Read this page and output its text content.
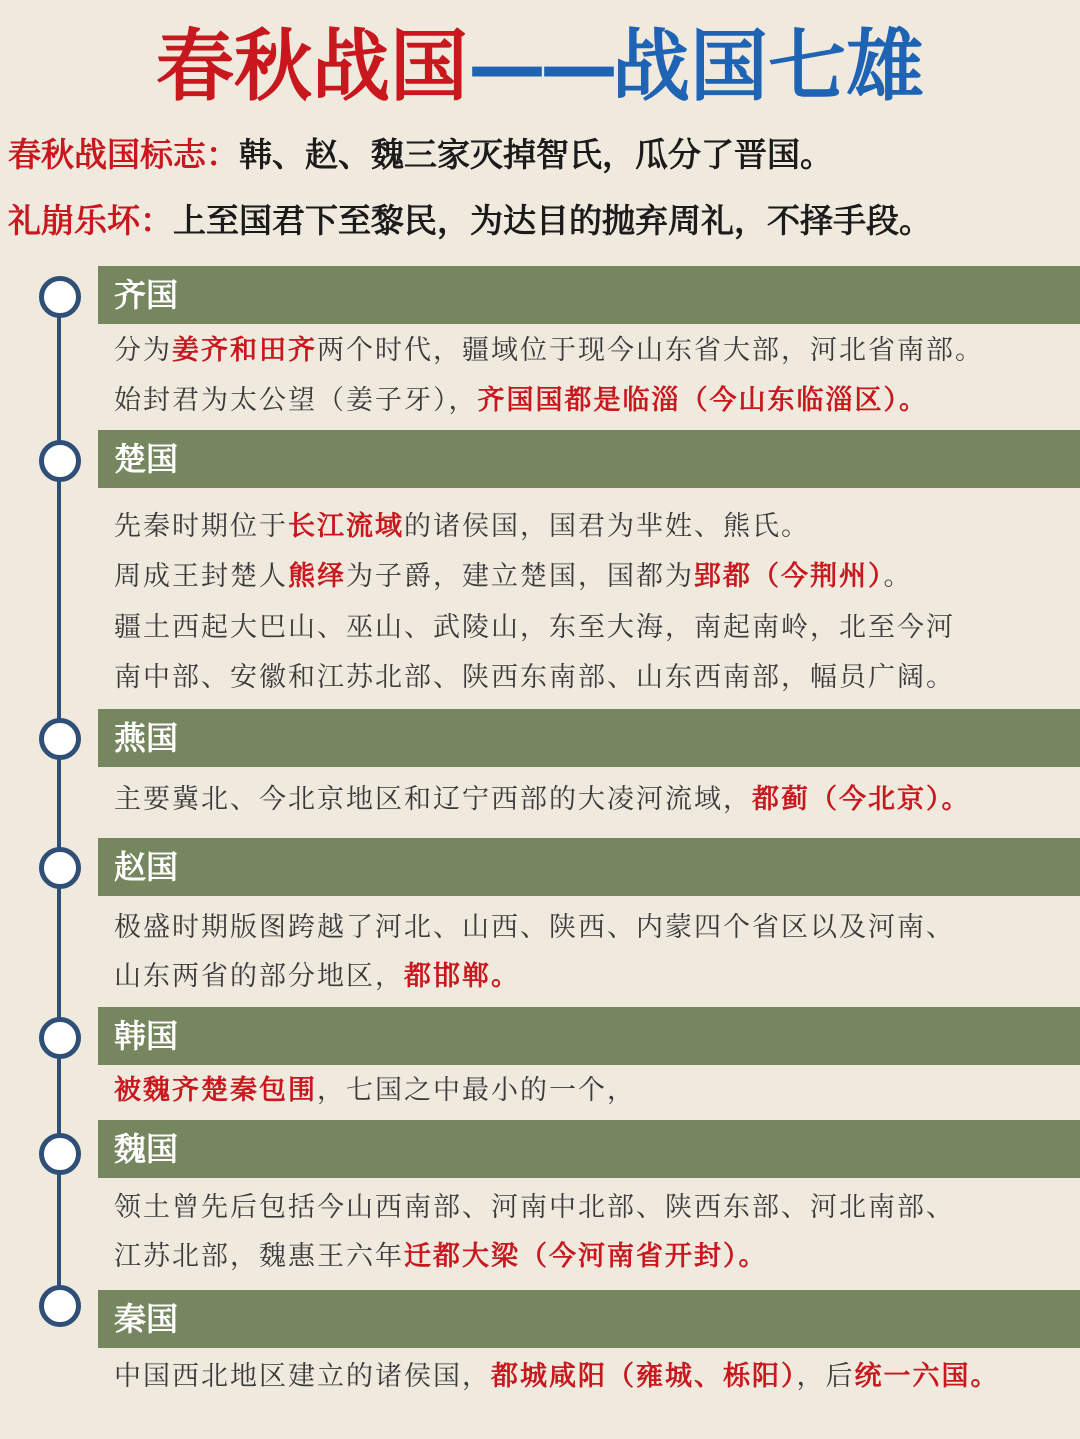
春秋战国——战国七雄
春秋战国标志：韩、赵、魏三家灭掉智氏，瓜分了晋国。
礼崩乐坏：上至国君下至黎民，为达目的抛弃周礼，不择手段。
齐国
分为姜齐和田齐两个时代，疆域位于现今山东省大部，河北省南部。
始封君为太公望（姜子牙），齐国国都是临淄（今山东临淄区）。
楚国
先秦时期位于长江流域的诸侯国，国君为芈姓、熊氏。
周成王封楚人熊绎为子爵，建立楚国，国都为郢都（今荆州）。
疆土西起大巴山、巫山、武陵山，东至大海，南起南岭，北至今河
南中部、安徽和江苏北部、陕西东南部、山东西南部，幅员广阔。
燕国
主要冀北、今北京地区和辽宁西部的大凌河流域，都蓟（今北京）。
赵国
极盛时期版图跨越了河北、山西、陕西、内蒙四个省区以及河南、
山东两省的部分地区，都邯郸。
韩国
被魏齐楚秦包围，七国之中最小的一个，
魏国
领土曾先后包括今山西南部、河南中北部、陕西东部、河北南部、
江苏北部，魏惠王六年迁都大梁（今河南省开封）。
秦国
中国西北地区建立的诸侯国，都城咸阳（雍城、栎阳），后统一六国。
